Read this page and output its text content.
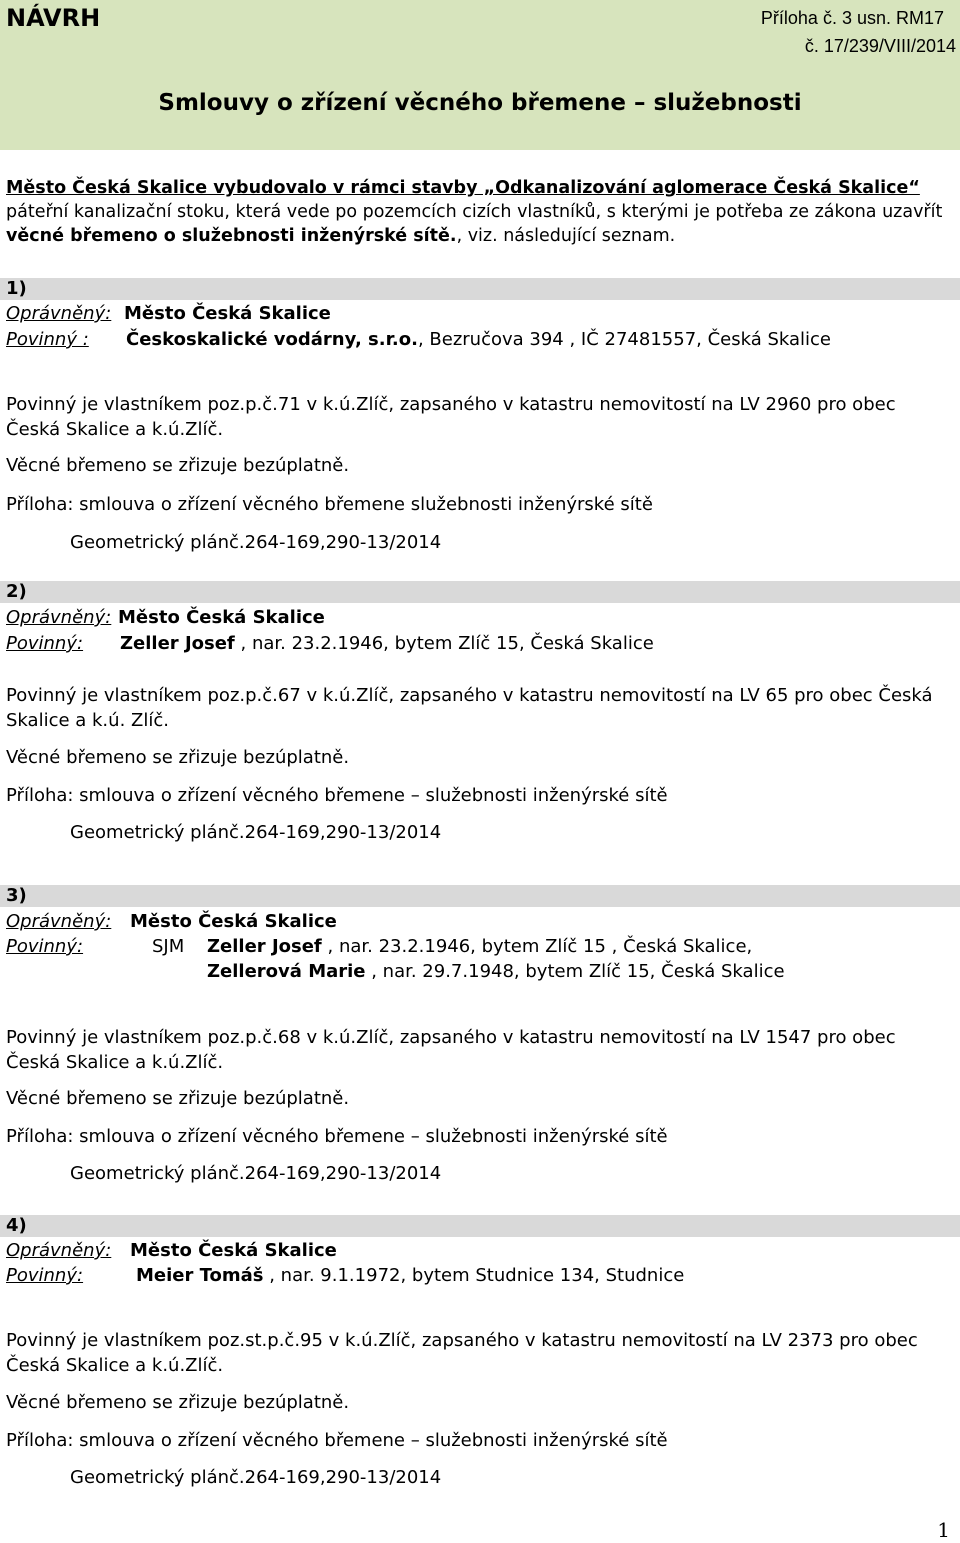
NÁVRH	Příloha č. 3 usn. RM17
č. 17/239/VIII/2014
Smlouvy o zřízení věcného břemene – služebnosti
Město Česká Skalice vybudovalo v rámci stavby „Odkanalizování aglomerace Česká Skalice“ páteřní kanalizační stoku, která vede po pozemcích cizích vlastníků, s kterými je potřeba ze zákona uzavřít věcné břemeno o služebnosti inženýrské sítě., viz. následující seznam.
1)
Oprávněný: Město Česká Skalice
Povinný : Českoskalické vodárny, s.r.o., Bezručova 394 , IČ 27481557, Česká Skalice
Povinný je vlastníkem poz.p.č.71 v k.ú.Zlíč, zapsaného v katastru nemovitostí na LV 2960 pro obec
Česká Skalice a k.ú.Zlíč.
Věcné břemeno se zřizuje bezúplatně.
Příloha: smlouva o zřízení věcného břemene služebnosti inženýrské sítě
Geometrický plánč.264-169,290-13/2014
2)
Oprávněný: Město Česká Skalice
Povinný: Zeller Josef , nar. 23.2.1946, bytem Zlíč 15, Česká Skalice
Povinný je vlastníkem poz.p.č.67 v k.ú.Zlíč, zapsaného v katastru nemovitostí na LV 65 pro obec Česká
Skalice a k.ú. Zlíč.
Věcné břemeno se zřizuje bezúplatně.
Příloha: smlouva o zřízení věcného břemene – služebnosti inženýrské sítě
Geometrický plánč.264-169,290-13/2014
3)
Oprávněný: Město Česká Skalice
Povinný:	SJM Zeller Josef , nar. 23.2.1946, bytem Zlíč 15 , Česká Skalice,
Zellerová Marie , nar. 29.7.1948, bytem Zlíč 15, Česká Skalice
Povinný je vlastníkem poz.p.č.68 v k.ú.Zlíč, zapsaného v katastru nemovitostí na LV 1547 pro obec
Česká Skalice a k.ú.Zlíč.
Věcné břemeno se zřizuje bezúplatně.
Příloha: smlouva o zřízení věcného břemene – služebnosti inženýrské sítě
Geometrický plánč.264-169,290-13/2014
4)
Oprávněný: Město Česká Skalice
Povinný:	Meier Tomáš , nar. 9.1.1972, bytem Studnice 134, Studnice
Povinný je vlastníkem poz.st.p.č.95 v k.ú.Zlíč, zapsaného v katastru nemovitostí na LV 2373 pro obec
Česká Skalice a k.ú.Zlíč.
Věcné břemeno se zřizuje bezúplatně.
Příloha: smlouva o zřízení věcného břemene – služebnosti inženýrské sítě
Geometrický plánč.264-169,290-13/2014
1
